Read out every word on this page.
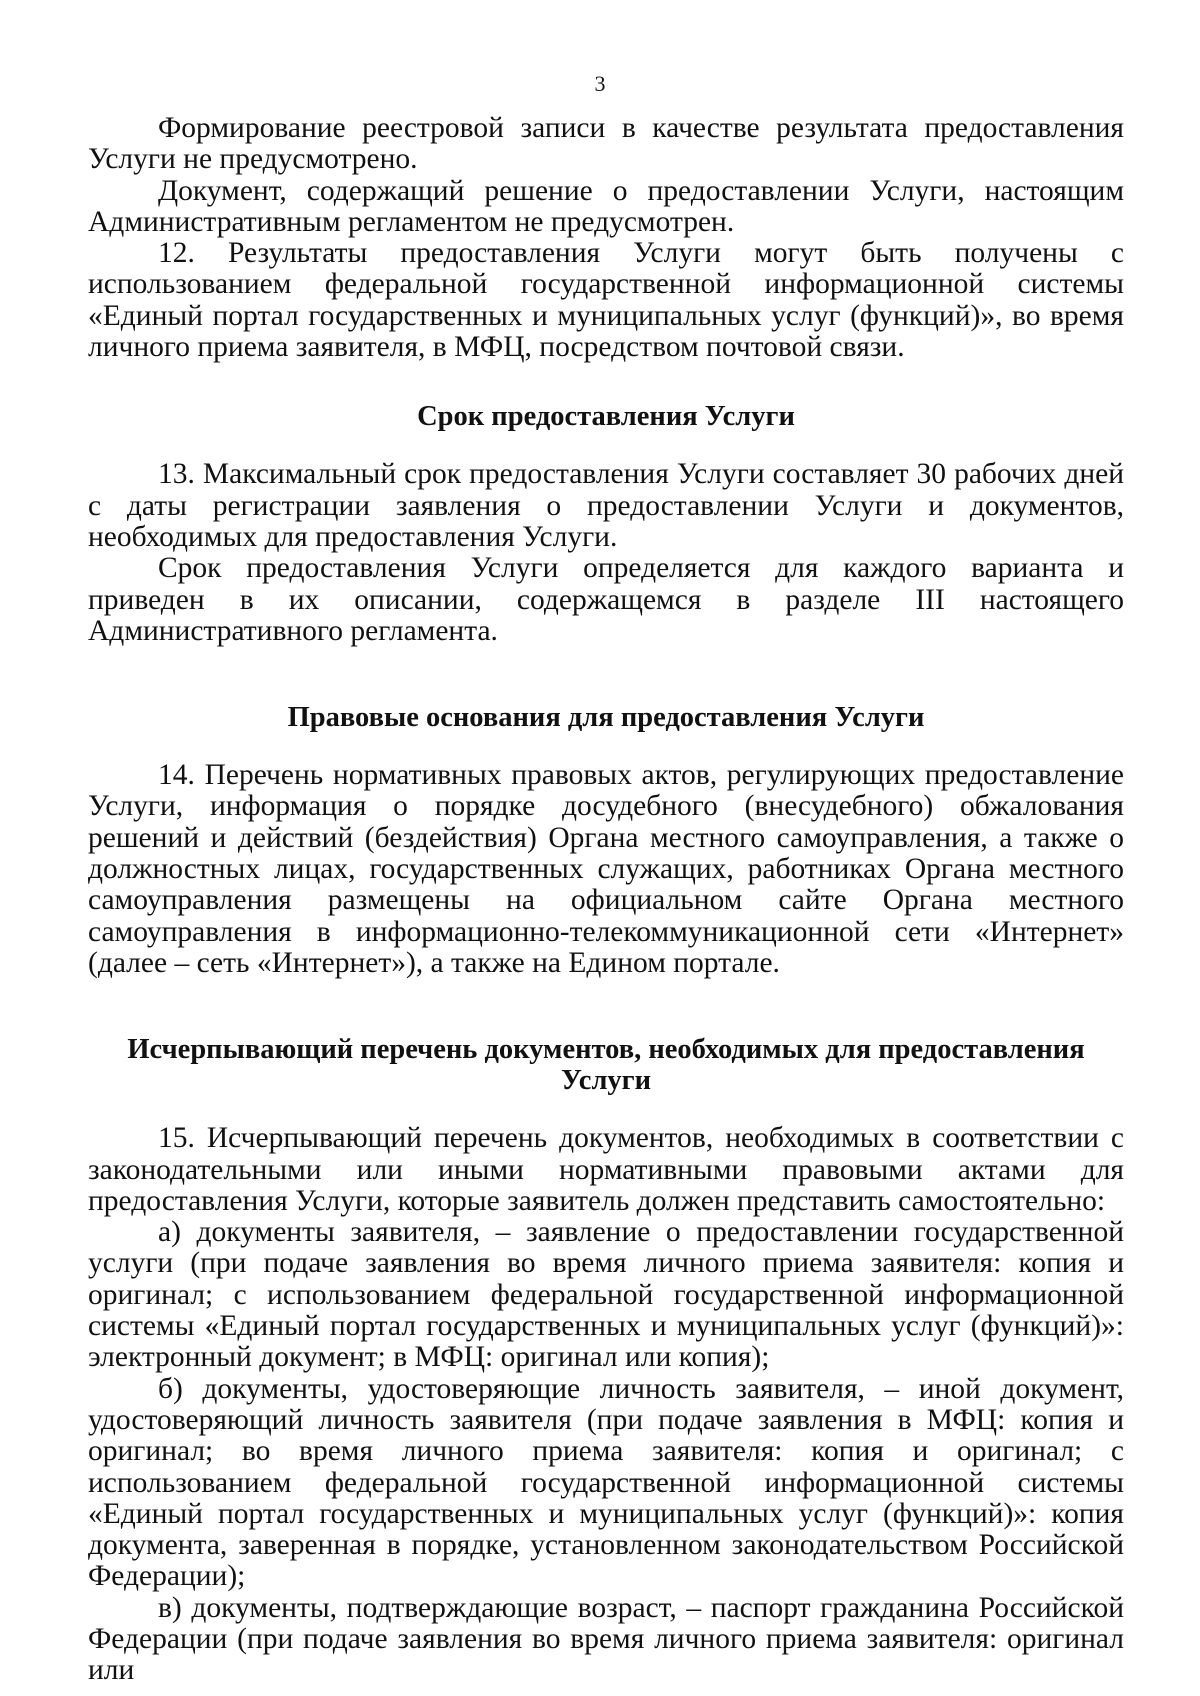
3

Формирование реестровой записи в качестве результата предоставления Услуги не предусмотрено.

Документ, содержащий решение о предоставлении Услуги, настоящим Административным регламентом не предусмотрен.

12. Результаты предоставления Услуги могут быть получены с использованием федеральной государственной информационной системы «Единый портал государственных и муниципальных услуг (функций)», во время личного приема заявителя, в МФЦ, посредством почтовой связи.

Срок предоставления Услуги

13. Максимальный срок предоставления Услуги составляет 30 рабочих дней с даты регистрации заявления о предоставлении Услуги и документов, необходимых для предоставления Услуги.

Срок предоставления Услуги определяется для каждого варианта и приведен в их описании, содержащемся в разделе III настоящего Административного регламента.

Правовые основания для предоставления Услуги

14. Перечень нормативных правовых актов, регулирующих предоставление Услуги, информация о порядке досудебного (внесудебного) обжалования решений и действий (бездействия) Органа местного самоуправления, а также о должностных лицах, государственных служащих, работниках Органа местного самоуправления размещены на официальном сайте Органа местного самоуправления в информационно-телекоммуникационной сети «Интернет» (далее – сеть «Интернет»), а также на Едином портале.

Исчерпывающий перечень документов, необходимых для предоставления
Услуги

15. Исчерпывающий перечень документов, необходимых в соответствии с законодательными или иными нормативными правовыми актами для предоставления Услуги, которые заявитель должен представить самостоятельно:

а) документы заявителя, – заявление о предоставлении государственной услуги (при подаче заявления во время личного приема заявителя: копия и оригинал; с использованием федеральной государственной информационной системы «Единый портал государственных и муниципальных услуг (функций)»: электронный документ; в МФЦ: оригинал или копия);

б) документы, удостоверяющие личность заявителя, – иной документ, удостоверяющий личность заявителя (при подаче заявления в МФЦ: копия и оригинал; во время личного приема заявителя: копия и оригинал; с использованием федеральной государственной информационной системы «Единый портал государственных и муниципальных услуг (функций)»: копия документа, заверенная в порядке, установленном законодательством Российской Федерации);

в) документы, подтверждающие возраст, – паспорт гражданина Российской Федерации (при подаче заявления во время личного приема заявителя: оригинал или
